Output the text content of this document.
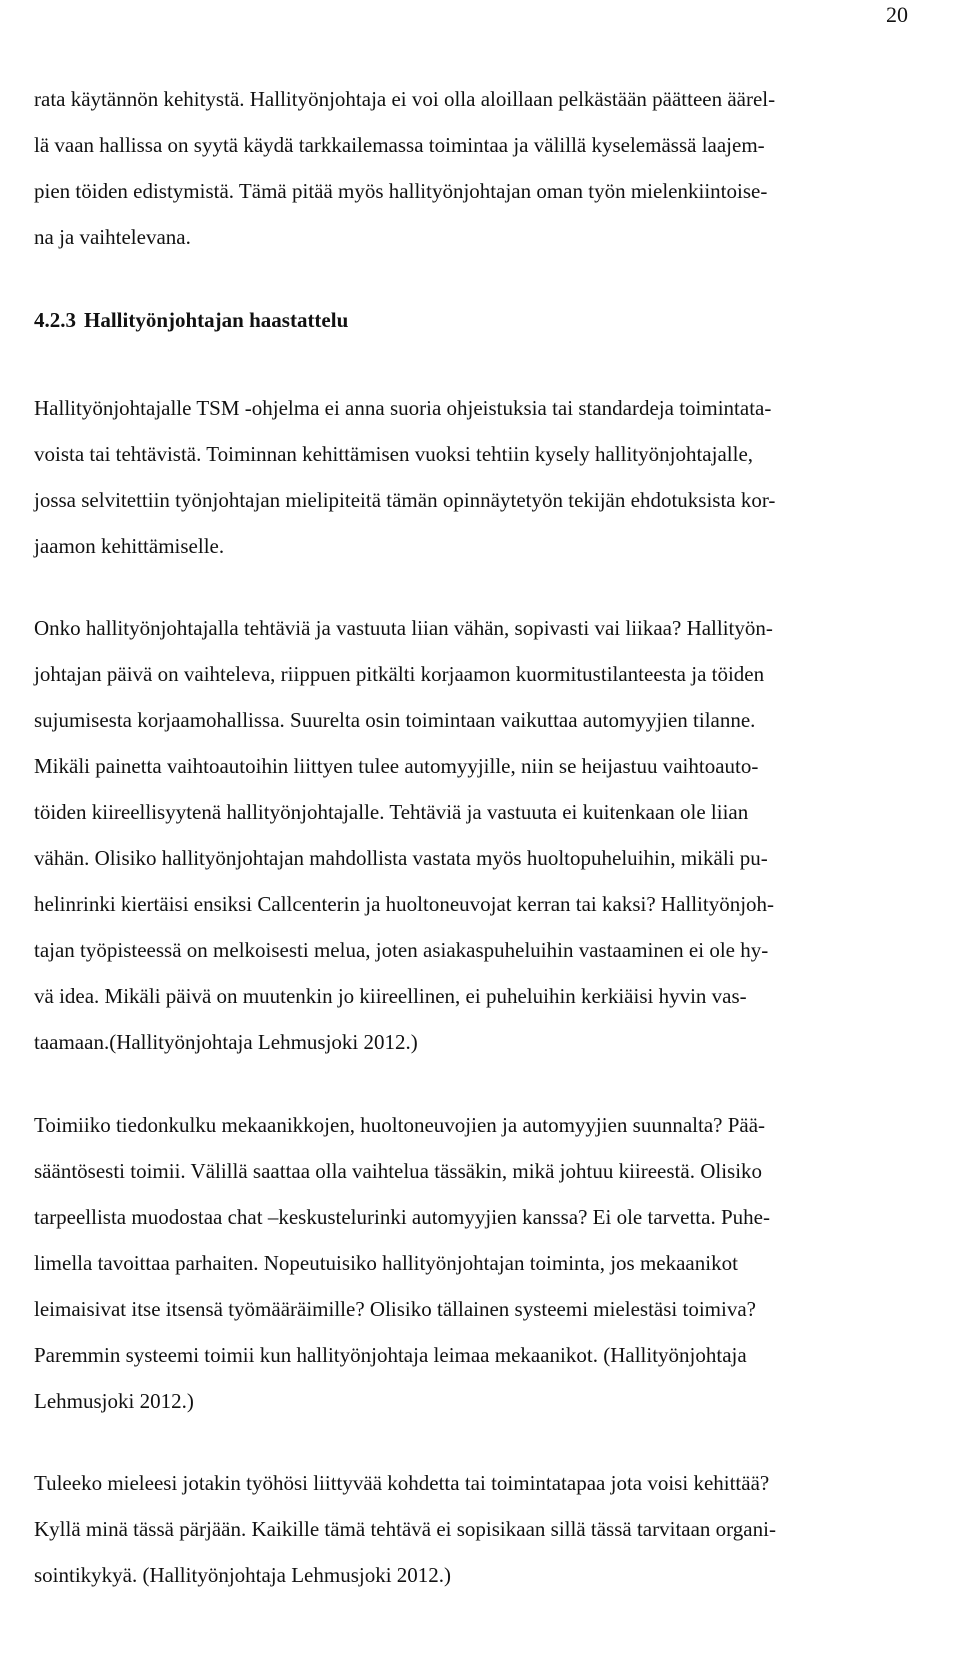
20
rata käytännön kehitystä. Hallityönjohtaja ei voi olla aloillaan pelkästään päätteen äärel-
lä vaan hallissa on syytä käydä tarkkailemassa toimintaa ja välillä kyselemässä laajem-
pien töiden edistymistä. Tämä pitää myös hallityönjohtajan oman työn mielenkiintoise-
na ja vaihtelevana.
4.2.3 Hallityönjohtajan haastattelu
Hallityönjohtajalle TSM -ohjelma ei anna suoria ohjeistuksia tai standardeja toimintata-
voista tai tehtävistä. Toiminnan kehittämisen vuoksi tehtiin kysely hallityönjohtajalle,
jossa selvitettiin työnjohtajan mielipiteitä tämän opinnäytetyön tekijän ehdotuksista kor-
jaamon kehittämiselle.
Onko hallityönjohtajalla tehtäviä ja vastuuta liian vähän, sopivasti vai liikaa? Hallityön-
johtajan päivä on vaihteleva, riippuen pitkälti korjaamon kuormitustilanteesta ja töiden
sujumisesta korjaamohallissa. Suurelta osin toimintaan vaikuttaa automyyjien tilanne.
Mikäli painetta vaihtoautoihin liittyen tulee automyyjille, niin se heijastuu vaihtoauto-
töiden kiireellisyytenä hallityönjohtajalle. Tehtäviä ja vastuuta ei kuitenkaan ole liian
vähän. Olisiko hallityönjohtajan mahdollista vastata myös huoltopuheluihin, mikäli pu-
helinrinki kiertäisi ensiksi Callcenterin ja huoltoneuvojat kerran tai kaksi? Hallityönjoh-
tajan työpisteessä on melkoisesti melua, joten asiakaspuheluihin vastaaminen ei ole hy-
vä idea. Mikäli päivä on muutenkin jo kiireellinen, ei puheluihin kerkiäisi hyvin vas-
taamaan.(Hallityönjohtaja Lehmusjoki 2012.)
Toimiiko tiedonkulku mekaanikkojen, huoltoneuvojien ja automyyjien suunnalta? Pää-
sääntösesti toimii. Välillä saattaa olla vaihtelua tässäkin, mikä johtuu kiireestä. Olisiko
tarpeellista muodostaa chat –keskustelurinki automyyjien kanssa? Ei ole tarvetta. Puhe-
limella tavoittaa parhaiten. Nopeutuisiko hallityönjohtajan toiminta, jos mekaanikot
leimaisivat itse itsensä työmääräimille? Olisiko tällainen systeemi mielestäsi toimiva?
Paremmin systeemi toimii kun hallityönjohtaja leimaa mekaanikot. (Hallityönjohtaja
Lehmusjoki 2012.)
Tuleeko mieleesi jotakin työhösi liittyvää kohdetta tai toimintatapaa jota voisi kehittää?
Kyllä minä tässä pärjään. Kaikille tämä tehtävä ei sopisikaan sillä tässä tarvitaan organi-
sointikykyä. (Hallityönjohtaja Lehmusjoki 2012.)
